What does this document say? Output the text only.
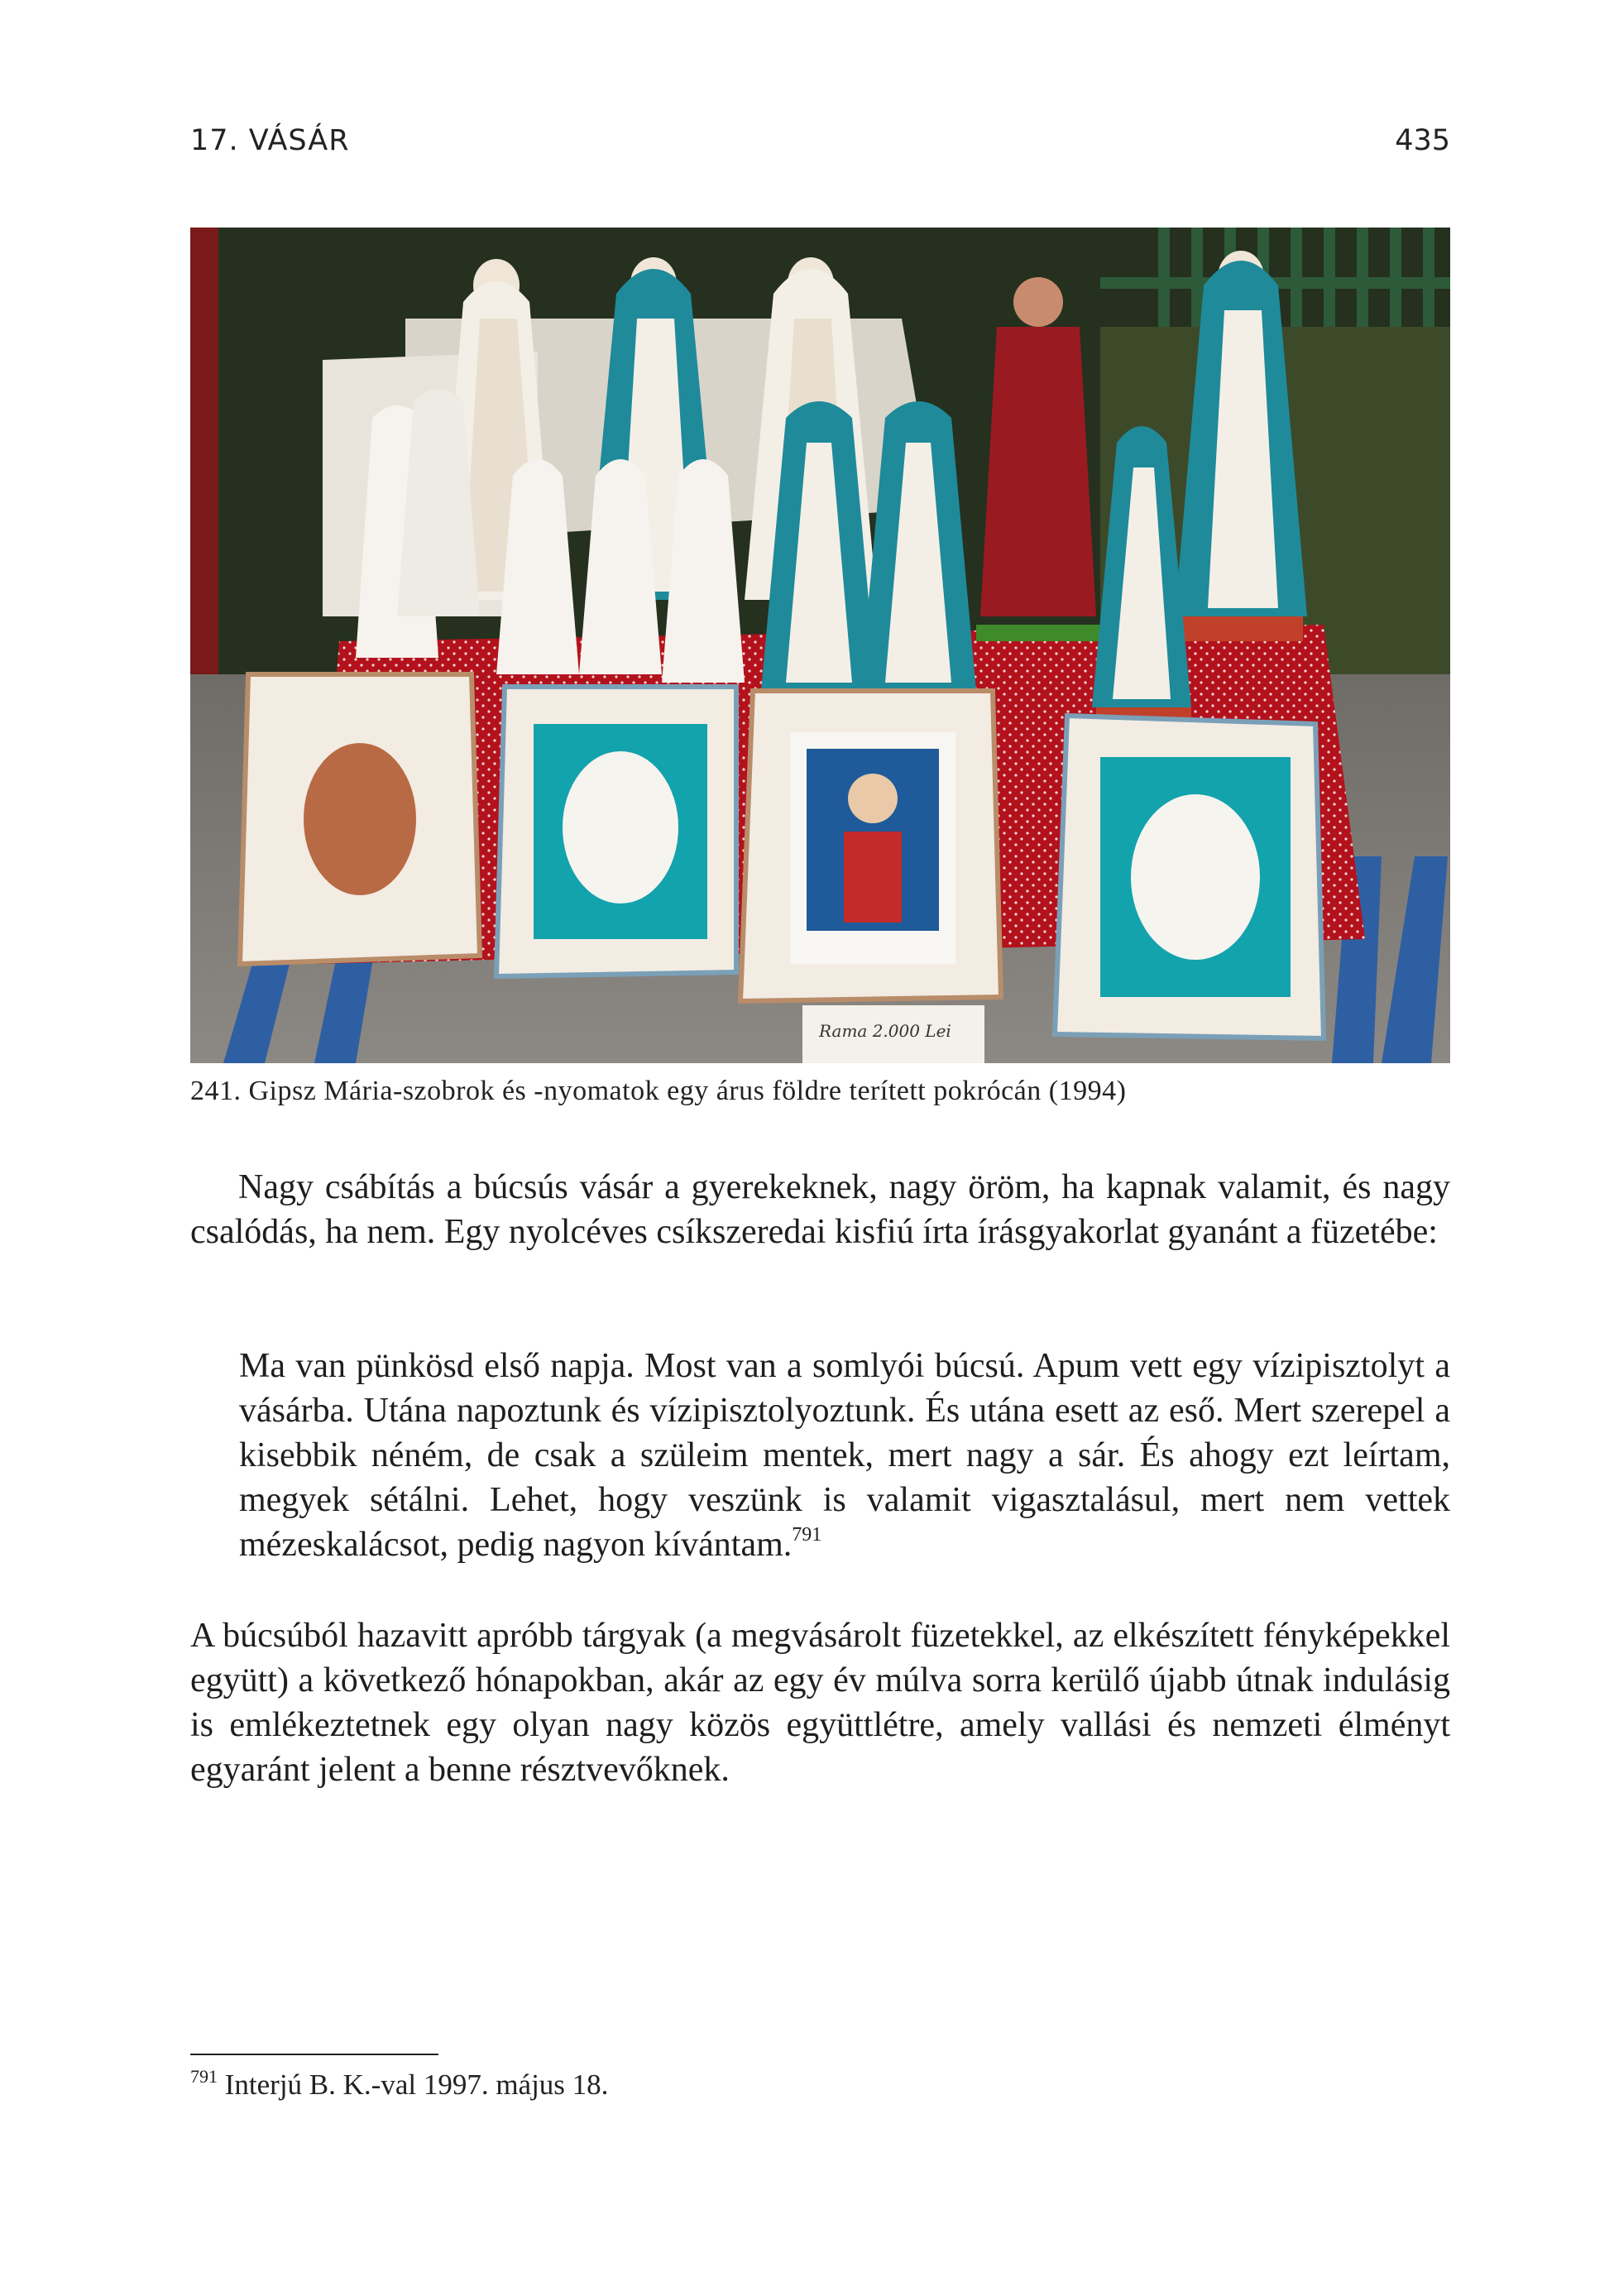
17. VÁSÁR	435
Rama 2.000 Lei
241. Gipsz Mária-szobrok és -nyomatok egy árus földre terített pokrócán (1994)

Nagy csábítás a búcsús vásár a gyerekeknek, nagy öröm, ha kapnak valamit, és nagy csalódás, ha nem. Egy nyolcéves csíkszeredai kisfiú írta írásgyakorlat gyanánt a füzetébe:

Ma van pünkösd első napja. Most van a somlyói búcsú. Apum vett egy vízipisztolyt a vásárba. Utána napoztunk és vízipisztolyoztunk. És utána esett az eső. Mert szerepel a kisebbik néném, de csak a szüleim mentek, mert nagy a sár. És ahogy ezt leírtam, megyek sétálni. Lehet, hogy veszünk is valamit vigasztalásul, mert nem vettek mézeskalácsot, pedig nagyon kívántam.$^{791}$

A búcsúból hazavitt apróbb tárgyak (a megvásárolt füzetekkel, az elkészített fényképekkel együtt) a következő hónapokban, akár az egy év múlva sorra kerülő újabb útnak indulásig is emlékeztetnek egy olyan nagy közös együttlétre, amely vallási és nemzeti élményt egyaránt jelent a benne résztvevőknek.

$^{791}$ Interjú B. K.-val 1997. május 18.
